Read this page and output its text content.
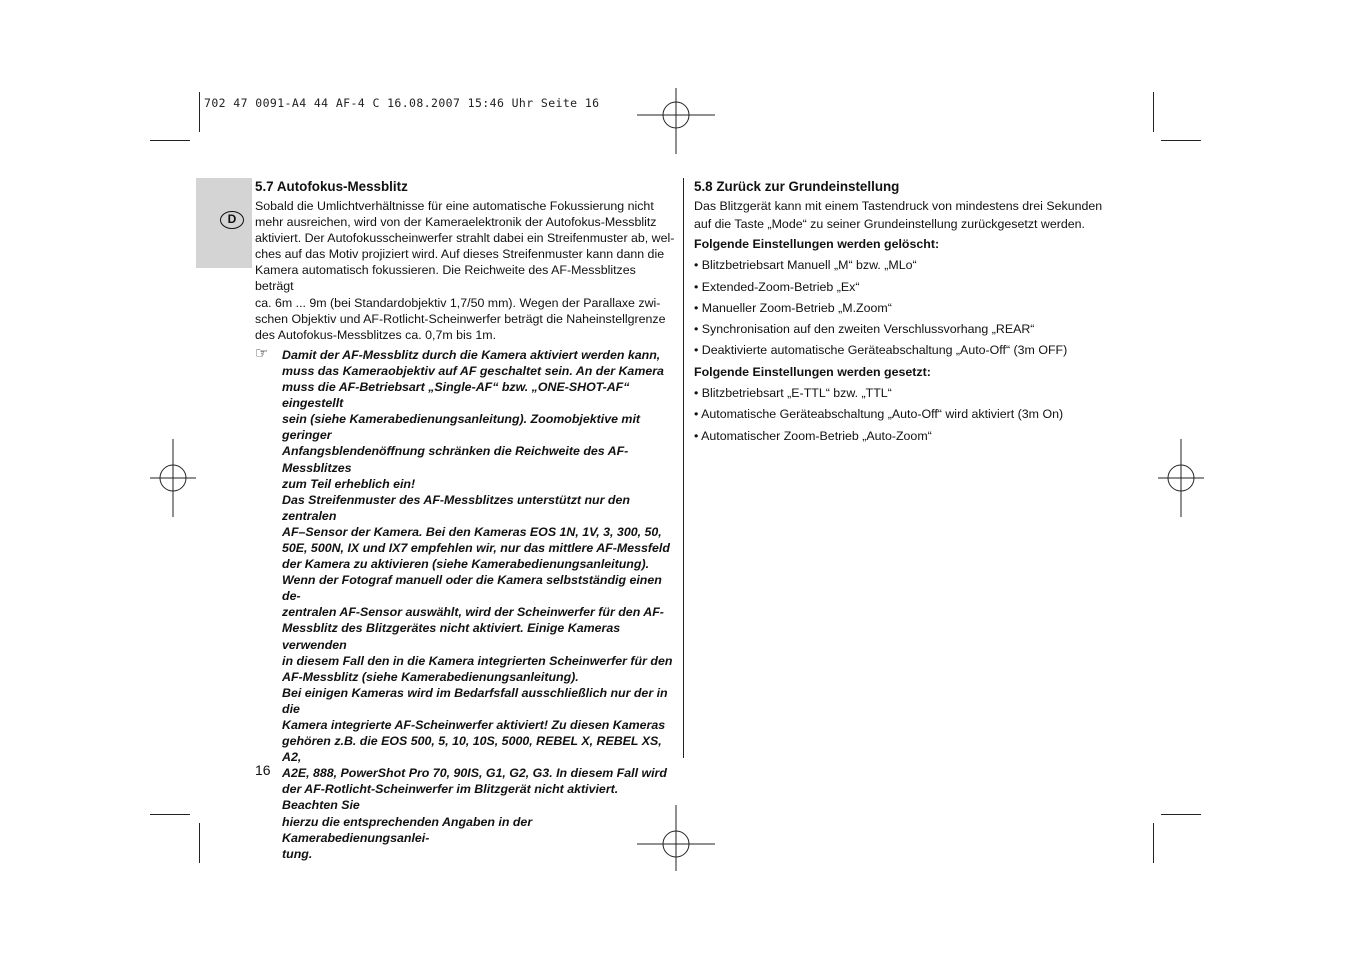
702 47 0091-A4 44 AF-4 C 16.08.2007 15:46 Uhr Seite 16
D

5.7 Autofokus-Messblitz

Sobald die Umlichtverhältnisse für eine automatische Fokussierung nicht
mehr ausreichen, wird von der Kameraelektronik der Autofokus-Messblitz
aktiviert. Der Autofokusscheinwerfer strahlt dabei ein Streifenmuster ab, wel-
ches auf das Motiv projiziert wird. Auf dieses Streifenmuster kann dann die
Kamera automatisch fokussieren. Die Reichweite des AF-Messblitzes beträgt
ca. 6m ... 9m (bei Standardobjektiv 1,7/50 mm). Wegen der Parallaxe zwi-
schen Objektiv und AF-Rotlicht-Scheinwerfer beträgt die Naheinstellgrenze
des Autofokus-Messblitzes ca. 0,7m bis 1m.
☞ Damit der AF-Messblitz durch die Kamera aktiviert werden kann,
muss das Kameraobjektiv auf AF geschaltet sein. An der Kamera
muss die AF-Betriebsart „Single-AF“ bzw. „ONE-SHOT-AF“ eingestellt
sein (siehe Kamerabedienungsanleitung). Zoomobjektive mit geringer
Anfangsblendenöffnung schränken die Reichweite des AF-Messblitzes
zum Teil erheblich ein!
Das Streifenmuster des AF-Messblitzes unterstützt nur den zentralen
AF–Sensor der Kamera. Bei den Kameras EOS 1N, 1V, 3, 300, 50,
50E, 500N, IX und IX7 empfehlen wir, nur das mittlere AF-Messfeld
der Kamera zu aktivieren (siehe Kamerabedienungsanleitung).
Wenn der Fotograf manuell oder die Kamera selbstständig einen de-
zentralen AF-Sensor auswählt, wird der Scheinwerfer für den AF-
Messblitz des Blitzgerätes nicht aktiviert. Einige Kameras verwenden
in diesem Fall den in die Kamera integrierten Scheinwerfer für den
AF-Messblitz (siehe Kamerabedienungsanleitung).
Bei einigen Kameras wird im Bedarfsfall ausschließlich nur der in die
Kamera integrierte AF-Scheinwerfer aktiviert! Zu diesen Kameras
gehören z.B. die EOS 500, 5, 10, 10S, 5000, REBEL X, REBEL XS, A2,
A2E, 888, PowerShot Pro 70, 90IS, G1, G2, G3. In diesem Fall wird
der AF-Rotlicht-Scheinwerfer im Blitzgerät nicht aktiviert. Beachten Sie
hierzu die entsprechenden Angaben in der Kamerabedienungsanlei-
tung.

5.8 Zurück zur Grundeinstellung

Das Blitzgerät kann mit einem Tastendruck von mindestens drei Sekunden
auf die Taste „Mode“ zu seiner Grundeinstellung zurückgesetzt werden.
Folgende Einstellungen werden gelöscht:
• Blitzbetriebsart Manuell „M“ bzw. „MLo“
• Extended-Zoom-Betrieb „Ex“
• Manueller Zoom-Betrieb „M.Zoom“
• Synchronisation auf den zweiten Verschlussvorhang „REAR“
• Deaktivierte automatische Geräteabschaltung „Auto-Off“ (3m OFF)
Folgende Einstellungen werden gesetzt:
• Blitzbetriebsart „E-TTL“ bzw. „TTL“
• Automatische Geräteabschaltung „Auto-Off“ wird aktiviert (3m On)
• Automatischer Zoom-Betrieb „Auto-Zoom“
16
